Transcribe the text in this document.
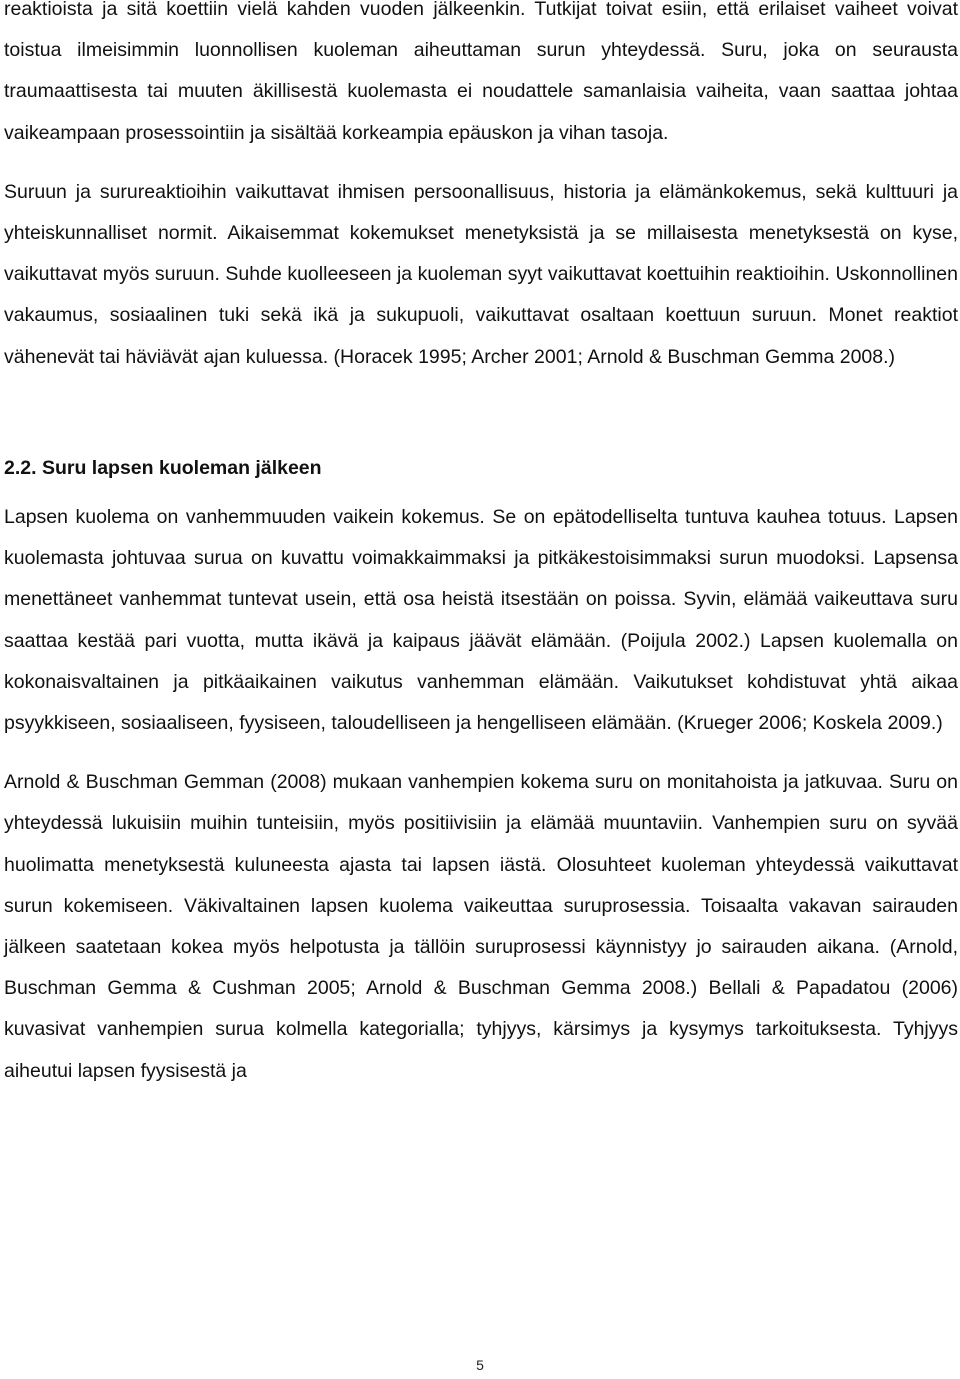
reaktioista ja sitä koettiin vielä kahden vuoden jälkeenkin. Tutkijat toivat esiin, että erilaiset vaiheet voivat toistua ilmeisimmin luonnollisen kuoleman aiheuttaman surun yhteydessä. Suru, joka on seurausta traumaattisesta tai muuten äkillisestä kuolemasta ei noudattele samanlaisia vaiheita, vaan saattaa johtaa vaikeampaan prosessointiin ja sisältää korkeampia epäuskon ja vihan tasoja.

Suruun ja surureaktioihin vaikuttavat ihmisen persoonallisuus, historia ja elämänkokemus, sekä kulttuuri ja yhteiskunnalliset normit. Aikaisemmat kokemukset menetyksistä ja se millaisesta menetyksestä on kyse, vaikuttavat myös suruun. Suhde kuolleeseen ja kuoleman syyt vaikuttavat koettuihin reaktioihin. Uskonnollinen vakaumus, sosiaalinen tuki sekä ikä ja sukupuoli, vaikuttavat osaltaan koettuun suruun. Monet reaktiot vähenevät tai häviävät ajan kuluessa. (Horacek 1995; Archer 2001; Arnold & Buschman Gemma 2008.)

2.2. Suru lapsen kuoleman jälkeen

Lapsen kuolema on vanhemmuuden vaikein kokemus. Se on epätodelliselta tuntuva kauhea totuus. Lapsen kuolemasta johtuvaa surua on kuvattu voimakkaimmaksi ja pitkäkestoisimmaksi surun muodoksi. Lapsensa menettäneet vanhemmat tuntevat usein, että osa heistä itsestään on poissa. Syvin, elämää vaikeuttava suru saattaa kestää pari vuotta, mutta ikävä ja kaipaus jäävät elämään. (Poijula 2002.) Lapsen kuolemalla on kokonaisvaltainen ja pitkäaikainen vaikutus vanhemman elämään. Vaikutukset kohdistuvat yhtä aikaa psyykkiseen, sosiaaliseen, fyysiseen, taloudelliseen ja hengelliseen elämään. (Krueger 2006; Koskela 2009.)

Arnold & Buschman Gemman (2008) mukaan vanhempien kokema suru on monitahoista ja jatkuvaa. Suru on yhteydessä lukuisiin muihin tunteisiin, myös positiivisiin ja elämää muuntaviin. Vanhempien suru on syvää huolimatta menetyksestä kuluneesta ajasta tai lapsen iästä. Olosuhteet kuoleman yhteydessä vaikuttavat surun kokemiseen. Väkivaltainen lapsen kuolema vaikeuttaa suruprosessia. Toisaalta vakavan sairauden jälkeen saatetaan kokea myös helpotusta ja tällöin suruprosessi käynnistyy jo sairauden aikana. (Arnold, Buschman Gemma & Cushman 2005; Arnold & Buschman Gemma 2008.) Bellali & Papadatou (2006) kuvasivat vanhempien surua kolmella kategorialla; tyhjyys, kärsimys ja kysymys tarkoituksesta. Tyhjyys aiheutui lapsen fyysisestä ja

5
